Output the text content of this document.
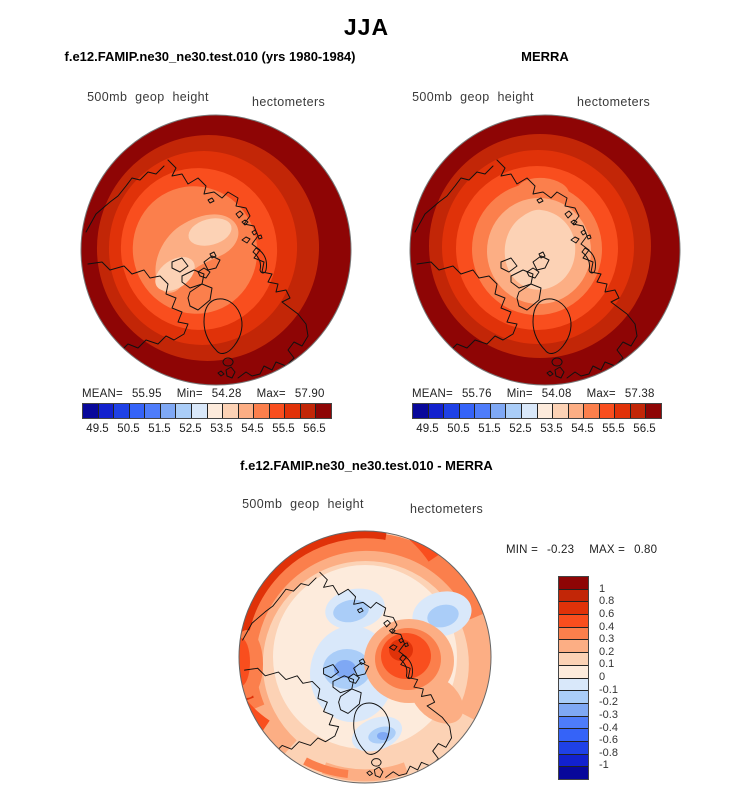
JJA
f.e12.FAMIP.ne30_ne30.test.010 (yrs 1980-1984)	MERRA
500mb geop height	hectometers	500mb geop height	hectometers
MEAN= 55.95 Min= 54.28 Max= 57.90
49.5 50.5 51.5 52.5 53.5 54.5 55.5 56.5
MEAN= 55.76 Min= 54.08 Max= 57.38
49.5 50.5 51.5 52.5 53.5 54.5 55.5 56.5
f.e12.FAMIP.ne30_ne30.test.010 - MERRA
500mb geop height	hectometers
MIN = -0.23 MAX = 0.80
1
0.8
0.6
0.4
0.3
0.2
0.1
0
-0.1
-0.2
-0.3
-0.4
-0.6
-0.8
-1
